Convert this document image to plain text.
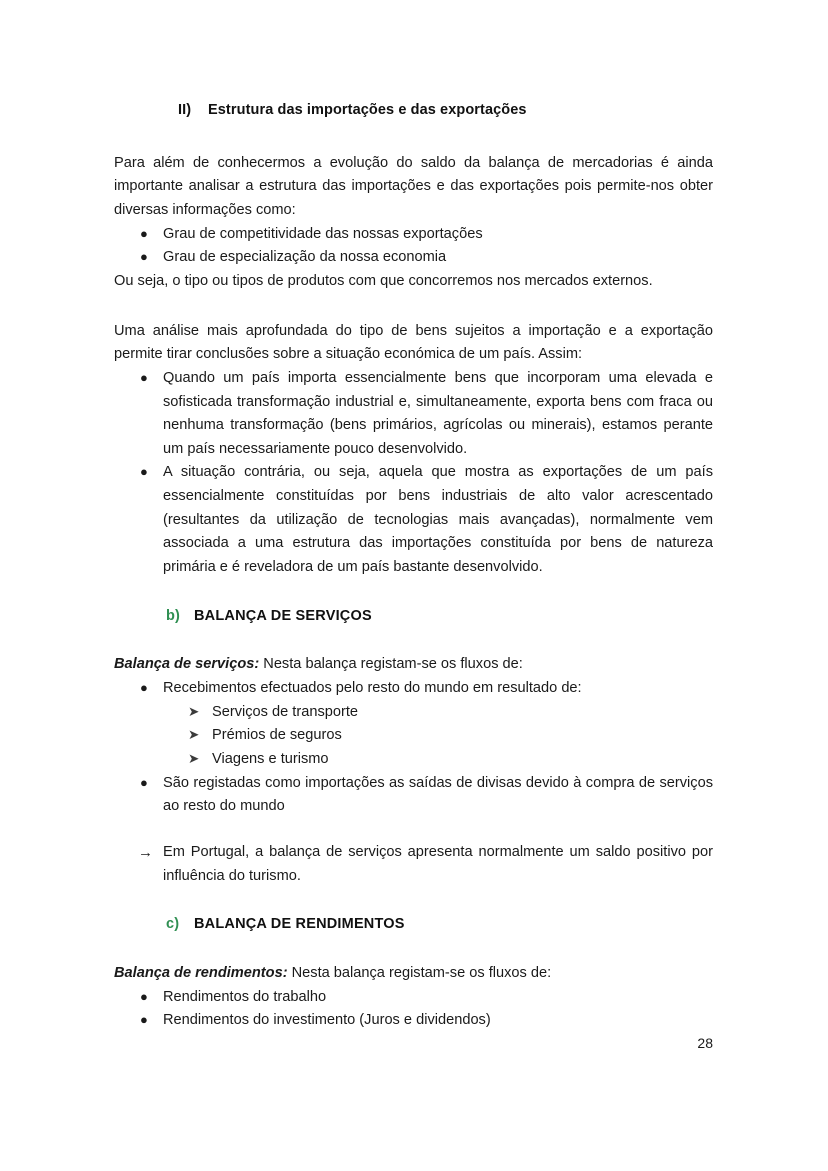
II) Estrutura das importações e das exportações

Para além de conhecermos a evolução do saldo da balança de mercadorias é ainda importante analisar a estrutura das importações e das exportações pois permite-nos obter diversas informações como:

● Grau de competitividade das nossas exportações
● Grau de especialização da nossa economia

Ou seja, o tipo ou tipos de produtos com que concorremos nos mercados externos.

Uma análise mais aprofundada do tipo de bens sujeitos a importação e a exportação permite tirar conclusões sobre a situação económica de um país. Assim:

● Quando um país importa essencialmente bens que incorporam uma elevada e sofisticada transformação industrial e, simultaneamente, exporta bens com fraca ou nenhuma transformação (bens primários, agrícolas ou minerais), estamos perante um país necessariamente pouco desenvolvido.
● A situação contrária, ou seja, aquela que mostra as exportações de um país essencialmente constituídas por bens industriais de alto valor acrescentado (resultantes da utilização de tecnologias mais avançadas), normalmente vem associada a uma estrutura das importações constituída por bens de natureza primária e é reveladora de um país bastante desenvolvido.
b) BALANÇA DE SERVIÇOS

Balança de serviços: Nesta balança registam-se os fluxos de:

● Recebimentos efectuados pelo resto do mundo em resultado de:
➤ Serviços de transporte
➤ Prémios de seguros
➤ Viagens e turismo
● São registadas como importações as saídas de divisas devido à compra de serviços ao resto do mundo
→ Em Portugal, a balança de serviços apresenta normalmente um saldo positivo por influência do turismo.
c) BALANÇA DE RENDIMENTOS

Balança de rendimentos: Nesta balança registam-se os fluxos de:

● Rendimentos do trabalho
● Rendimentos do investimento (Juros e dividendos)
28
